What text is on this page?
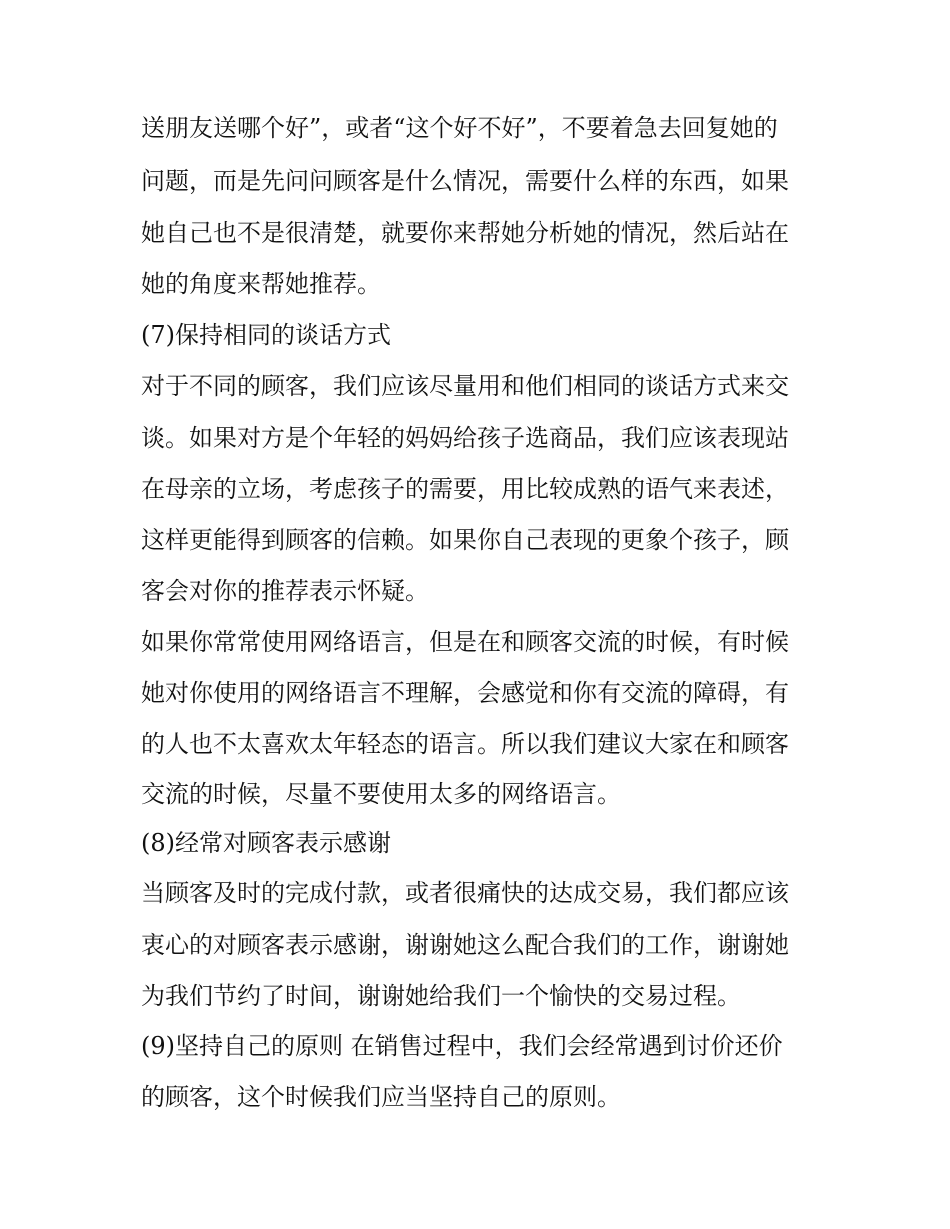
送朋友送哪个好”，或者“这个好不好”，不要着急去回复她的
问题，而是先问问顾客是什么情况，需要什么样的东西，如果
她自己也不是很清楚，就要你来帮她分析她的情况，然后站在
她的角度来帮她推荐。
(7)保持相同的谈话方式
对于不同的顾客，我们应该尽量用和他们相同的谈话方式来交
谈。如果对方是个年轻的妈妈给孩子选商品，我们应该表现站
在母亲的立场，考虑孩子的需要，用比较成熟的语气来表述，
这样更能得到顾客的信赖。如果你自己表现的更象个孩子，顾
客会对你的推荐表示怀疑。
如果你常常使用网络语言，但是在和顾客交流的时候，有时候
她对你使用的网络语言不理解，会感觉和你有交流的障碍，有
的人也不太喜欢太年轻态的语言。所以我们建议大家在和顾客
交流的时候，尽量不要使用太多的网络语言。
(8)经常对顾客表示感谢
当顾客及时的完成付款，或者很痛快的达成交易，我们都应该
衷心的对顾客表示感谢，谢谢她这么配合我们的工作，谢谢她
为我们节约了时间，谢谢她给我们一个愉快的交易过程。
(9)坚持自己的原则 在销售过程中，我们会经常遇到讨价还价
的顾客，这个时候我们应当坚持自己的原则。
